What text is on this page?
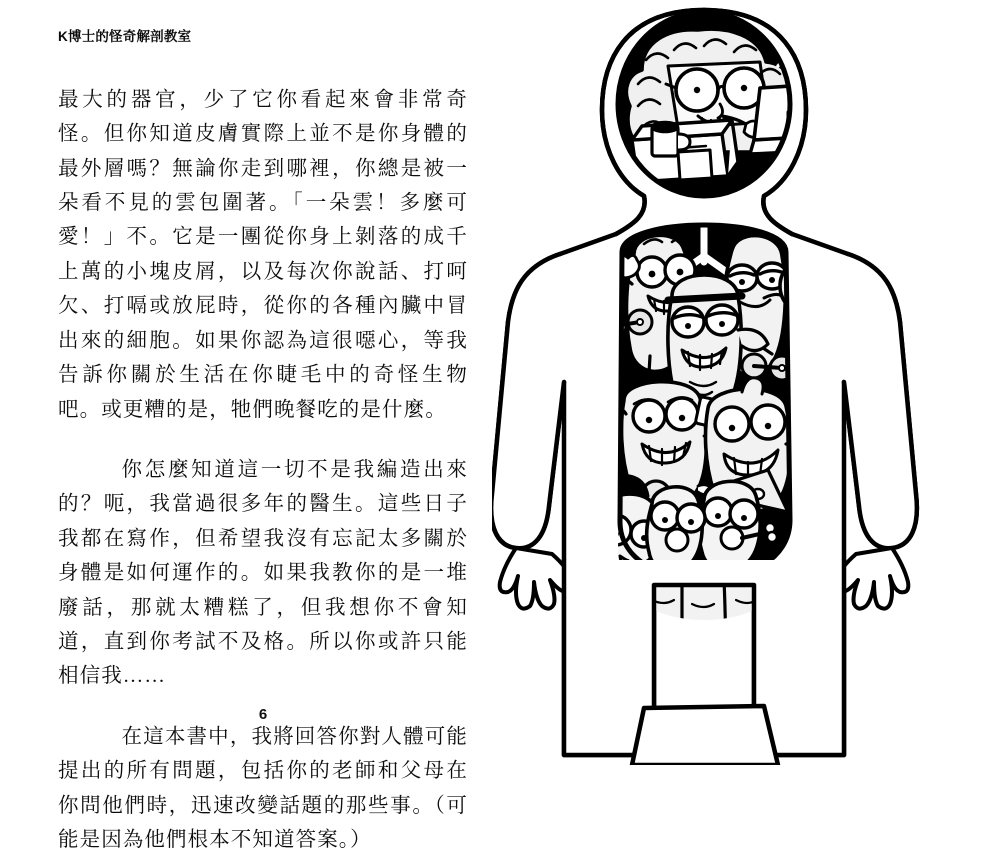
K博士的怪奇解剖教室

最大的器官，少了它你看起來會非常奇怪。但你知道皮膚實際上並不是你身體的最外層嗎？無論你走到哪裡，你總是被一朵看不見的雲包圍著。「一朵雲！多麼可愛！」不。它是一團從你身上剝落的成千上萬的小塊皮屑，以及每次你說話、打呵欠、打嗝或放屁時，從你的各種內臟中冒出來的細胞。如果你認為這很噁心，等我告訴你關於生活在你睫毛中的奇怪生物吧。或更糟的是，牠們晚餐吃的是什麼。

你怎麼知道這一切不是我編造出來的？呃，我當過很多年的醫生。這些日子我都在寫作，但希望我沒有忘記太多關於身體是如何運作的。如果我教你的是一堆廢話，那就太糟糕了，但我想你不會知道，直到你考試不及格。所以你或許只能相信我……

在這本書中，我將回答你對人體可能提出的所有問題，包括你的老師和父母在你問他們時，迅速改變話題的那些事。（可能是因為他們根本不知道答案。）

6
